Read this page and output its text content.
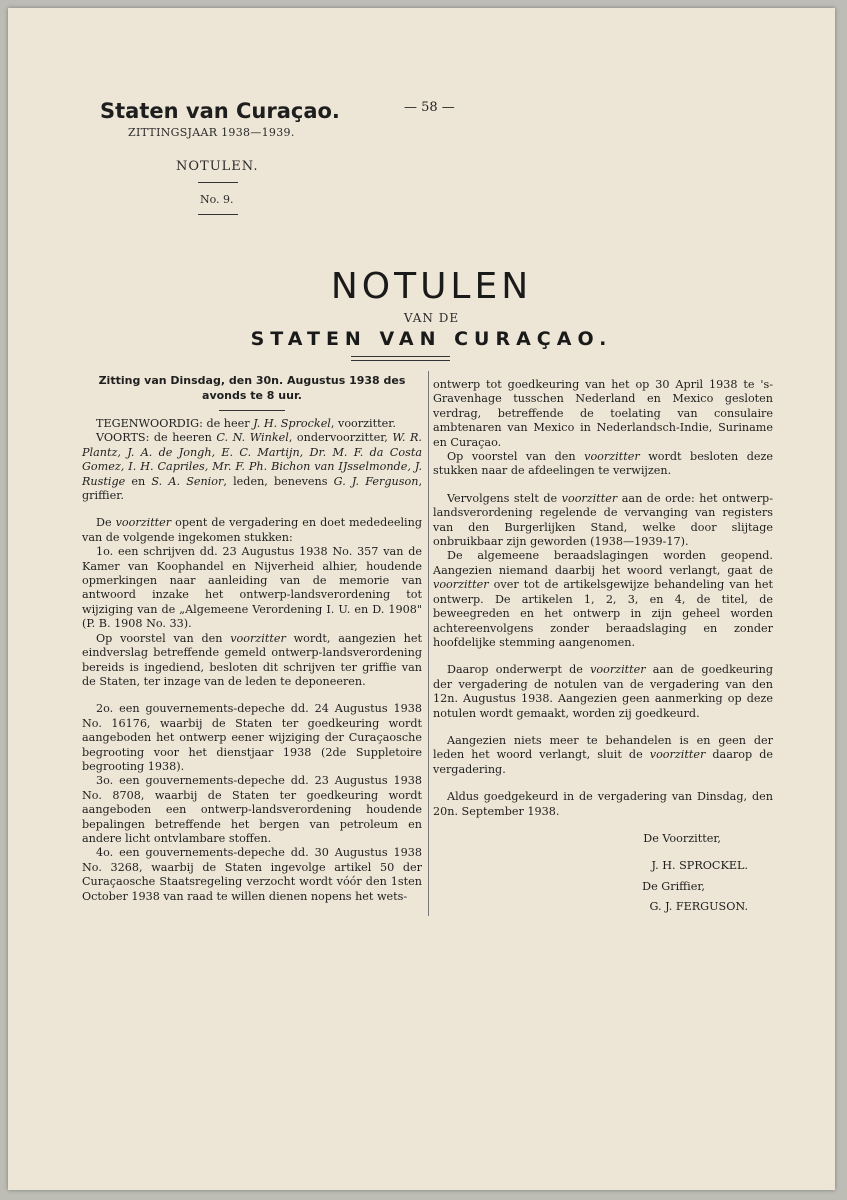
Staten van Curaçao.
ZITTINGSJAAR 1938—1939.
— 58 —
NOTULEN.
No. 9.
NOTULEN
VAN DE
STATEN VAN CURAÇAO.

Zitting van Dinsdag, den 30n. Augustus 1938 des avonds te 8 uur.

TEGENWOORDIG: de heer J. H. Sprockel, voorzitter.

VOORTS: de heeren C. N. Winkel, ondervoorzitter, W. R. Plantz, J. A. de Jongh, E. C. Martijn, Dr. M. F. da Costa Gomez, I. H. Capriles, Mr. F. Ph. Bichon van IJsselmonde, J. Rustige en S. A. Senior, leden, benevens G. J. Ferguson, griffier.

De voorzitter opent de vergadering en doet mededeeling van de volgende ingekomen stukken:

1o. een schrijven dd. 23 Augustus 1938 No. 357 van de Kamer van Koophandel en Nijverheid alhier, houdende opmerkingen naar aanleiding van de memorie van antwoord inzake het ontwerp-landsverordening tot wijziging van de „Algemeene Verordening I. U. en D. 1908" (P. B. 1908 No. 33).

Op voorstel van den voorzitter wordt, aangezien het eindverslag betreffende gemeld ontwerp-landsverordening bereids is ingediend, besloten dit schrijven ter griffie van de Staten, ter inzage van de leden te deponeeren.

2o. een gouvernements-depeche dd. 24 Augustus 1938 No. 16176, waarbij de Staten ter goedkeuring wordt aangeboden het ontwerp eener wijziging der Curaçaosche begrooting voor het dienstjaar 1938 (2de Suppletoire begrooting 1938).

3o. een gouvernements-depeche dd. 23 Augustus 1938 No. 8708, waarbij de Staten ter goedkeuring wordt aangeboden een ontwerp-landsverordening houdende bepalingen betreffende het bergen van petroleum en andere licht ontvlambare stoffen.

4o. een gouvernements-depeche dd. 30 Augustus 1938 No. 3268, waarbij de Staten ingevolge artikel 50 der Curaçaosche Staatsregeling verzocht wordt vóór den 1sten October 1938 van raad te willen dienen nopens het wets-

ontwerp tot goedkeuring van het op 30 April 1938 te 's-Gravenhage tusschen Nederland en Mexico gesloten verdrag, betreffende de toelating van consulaire ambtenaren van Mexico in Nederlandsch-Indie, Suriname en Curaçao.

Op voorstel van den voorzitter wordt besloten deze stukken naar de afdeelingen te verwijzen.

Vervolgens stelt de voorzitter aan de orde: het ontwerp-landsverordening regelende de vervanging van registers van den Burgerlijken Stand, welke door slijtage onbruikbaar zijn geworden (1938—1939-17).

De algemeene beraadslagingen worden geopend. Aangezien niemand daarbij het woord verlangt, gaat de voorzitter over tot de artikelsgewijze behandeling van het ontwerp. De artikelen 1, 2, 3, en 4, de titel, de beweegreden en het ontwerp in zijn geheel worden achtereenvolgens zonder beraadslaging en zonder hoofdelijke stemming aangenomen.

Daarop onderwerpt de voorzitter aan de goedkeuring der vergadering de notulen van de vergadering van den 12n. Augustus 1938. Aangezien geen aanmerking op deze notulen wordt gemaakt, worden zij goedkeurd.

Aangezien niets meer te behandelen is en geen der leden het woord verlangt, sluit de voorzitter daarop de vergadering.

Aldus goedgekeurd in de vergadering van Dinsdag, den 20n. September 1938.

De Voorzitter,
J. H. SPROCKEL.
De Griffier,
G. J. FERGUSON.
